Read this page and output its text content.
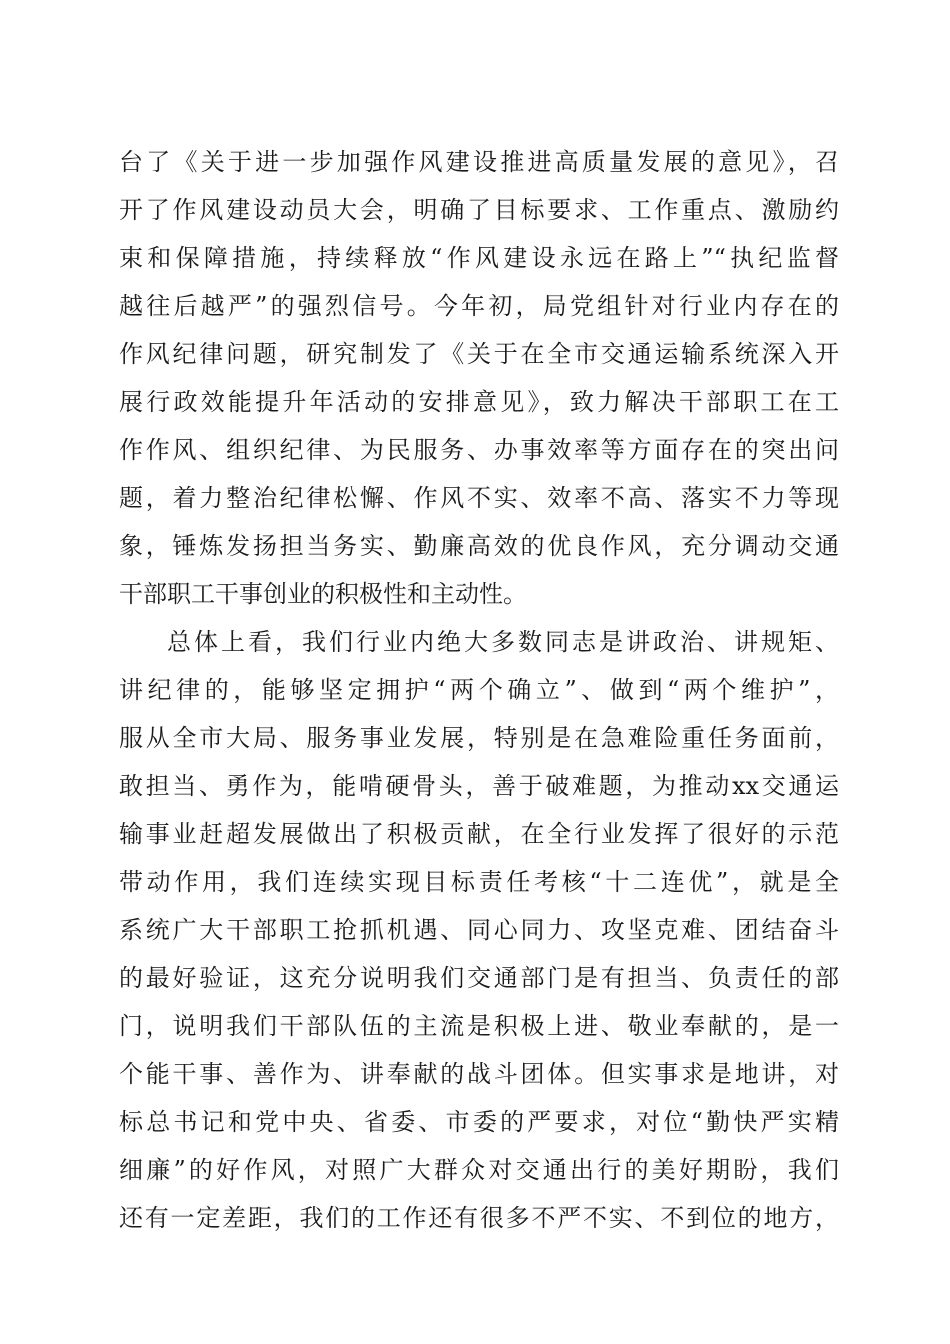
台了《关于进一步加强作风建设推进高质量发展的意见》，召
开了作风建设动员大会，明确了目标要求、工作重点、激励约
束和保障措施，持续释放“作风建设永远在路上”“执纪监督
越往后越严”的强烈信号。今年初，局党组针对行业内存在的
作风纪律问题，研究制发了《关于在全市交通运输系统深入开
展行政效能提升年活动的安排意见》，致力解决干部职工在工
作作风、组织纪律、为民服务、办事效率等方面存在的突出问
题，着力整治纪律松懈、作风不实、效率不高、落实不力等现
象，锤炼发扬担当务实、勤廉高效的优良作风，充分调动交通
干部职工干事创业的积极性和主动性。
总体上看，我们行业内绝大多数同志是讲政治、讲规矩、
讲纪律的，能够坚定拥护“两个确立”、做到“两个维护”，
服从全市大局、服务事业发展，特别是在急难险重任务面前，
敢担当、勇作为，能啃硬骨头，善于破难题，为推动xx交通运
输事业赶超发展做出了积极贡献，在全行业发挥了很好的示范
带动作用，我们连续实现目标责任考核“十二连优”，就是全
系统广大干部职工抢抓机遇、同心同力、攻坚克难、团结奋斗
的最好验证，这充分说明我们交通部门是有担当、负责任的部
门，说明我们干部队伍的主流是积极上进、敬业奉献的，是一
个能干事、善作为、讲奉献的战斗团体。但实事求是地讲，对
标总书记和党中央、省委、市委的严要求，对位“勤快严实精
细廉”的好作风，对照广大群众对交通出行的美好期盼，我们
还有一定差距，我们的工作还有很多不严不实、不到位的地方，
